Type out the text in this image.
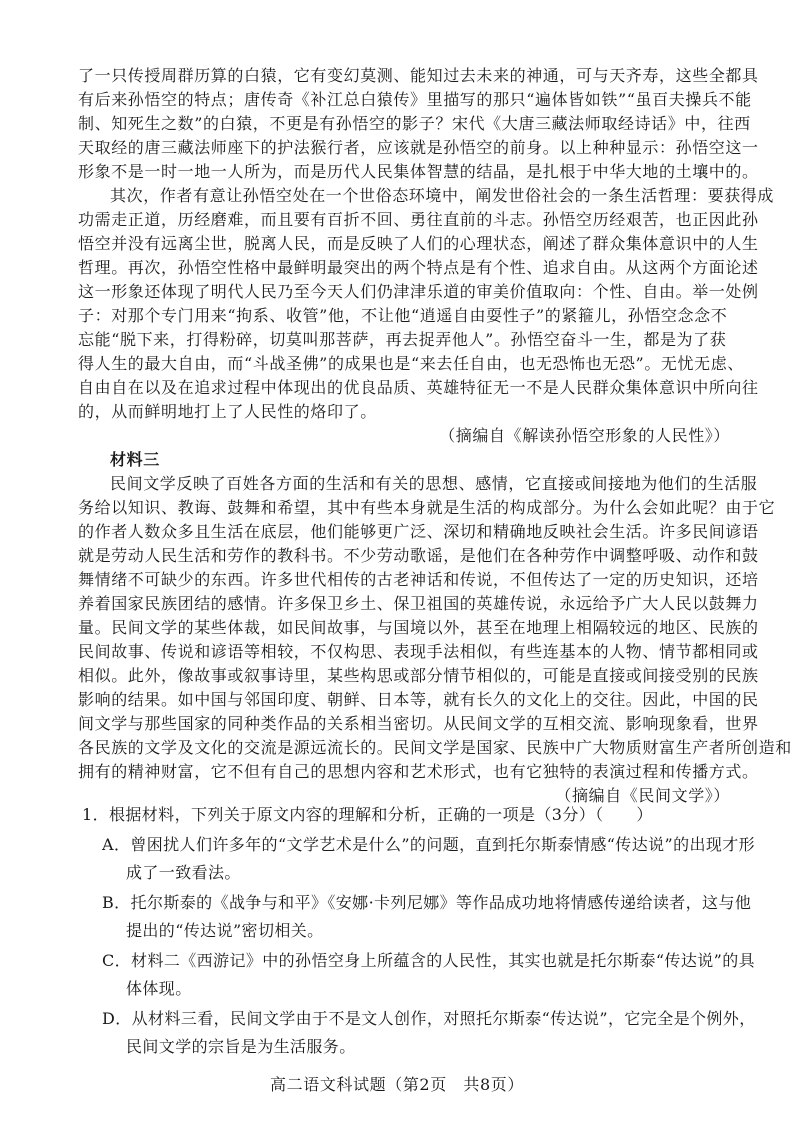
了一只传授周群历算的白猿，它有变幻莫测、能知过去未来的神通，可与天齐寿，这些全都具
有后来孙悟空的特点；唐传奇《补江总白猿传》里描写的那只“遍体皆如铁”“虽百夫操兵不能
制、知死生之数”的白猿，不更是有孙悟空的影子？宋代《大唐三藏法师取经诗话》中，往西
天取经的唐三藏法师座下的护法猴行者，应该就是孙悟空的前身。以上种种显示：孙悟空这一
形象不是一时一地一人所为，而是历代人民集体智慧的结晶，是扎根于中华大地的土壤中的。
其次，作者有意让孙悟空处在一个世俗态环境中，阐发世俗社会的一条生活哲理：要获得成
功需走正道，历经磨难，而且要有百折不回、勇往直前的斗志。孙悟空历经艰苦，也正因此孙
悟空并没有远离尘世，脱离人民，而是反映了人们的心理状态，阐述了群众集体意识中的人生
哲理。再次，孙悟空性格中最鲜明最突出的两个特点是有个性、追求自由。从这两个方面论述
这一形象还体现了明代人民乃至今天人们仍津津乐道的审美价值取向：个性、自由。举一处例
子：对那个专门用来“拘系、收管”他，不让他“逍遥自由耍性子”的紧箍儿，孙悟空念念不
忘能“脱下来，打得粉碎，切莫叫那菩萨，再去捉弄他人”。孙悟空奋斗一生，都是为了获
得人生的最大自由，而“斗战圣佛”的成果也是“来去任自由，也无恐怖也无恐”。无忧无虑、
自由自在以及在追求过程中体现出的优良品质、英雄特征无一不是人民群众集体意识中所向往
的，从而鲜明地打上了人民性的烙印了。
（摘编自《解读孙悟空形象的人民性》）
材料三
民间文学反映了百姓各方面的生活和有关的思想、感情，它直接或间接地为他们的生活服
务给以知识、教诲、鼓舞和希望，其中有些本身就是生活的构成部分。为什么会如此呢？由于它
的作者人数众多且生活在底层，他们能够更广泛、深切和精确地反映社会生活。许多民间谚语
就是劳动人民生活和劳作的教科书。不少劳动歌谣，是他们在各种劳作中调整呼吸、动作和鼓
舞情绪不可缺少的东西。许多世代相传的古老神话和传说，不但传达了一定的历史知识，还培
养着国家民族团结的感情。许多保卫乡土、保卫祖国的英雄传说，永远给予广大人民以鼓舞力
量。民间文学的某些体裁，如民间故事，与国境以外，甚至在地理上相隔较远的地区、民族的
民间故事、传说和谚语等相较，不仅构思、表现手法相似，有些连基本的人物、情节都相同或
相似。此外，像故事或叙事诗里，某些构思或部分情节相似的，可能是直接或间接受别的民族
影响的结果。如中国与邻国印度、朝鲜、日本等，就有长久的文化上的交往。因此，中国的民
间文学与那些国家的同种类作品的关系相当密切。从民间文学的互相交流、影响现象看，世界
各民族的文学及文化的交流是源远流长的。民间文学是国家、民族中广大物质财富生产者所创造和
拥有的精神财富，它不但有自己的思想内容和艺术形式，也有它独特的表演过程和传播方式。
（摘编自《民间文学》）
1．根据材料，下列关于原文内容的理解和分析，正确的一项是（3分）（　　）
A．曾困扰人们许多年的“文学艺术是什么”的问题，直到托尔斯泰情感“传达说”的出现才形
成了一致看法。
B．托尔斯泰的《战争与和平》《安娜·卡列尼娜》等作品成功地将情感传递给读者，这与他
提出的“传达说”密切相关。
C．材料二《西游记》中的孙悟空身上所蕴含的人民性，其实也就是托尔斯泰“传达说”的具
体体现。
D．从材料三看，民间文学由于不是文人创作，对照托尔斯泰“传达说”，它完全是个例外，
民间文学的宗旨是为生活服务。
高二语文科试题（第2页　共8页）
